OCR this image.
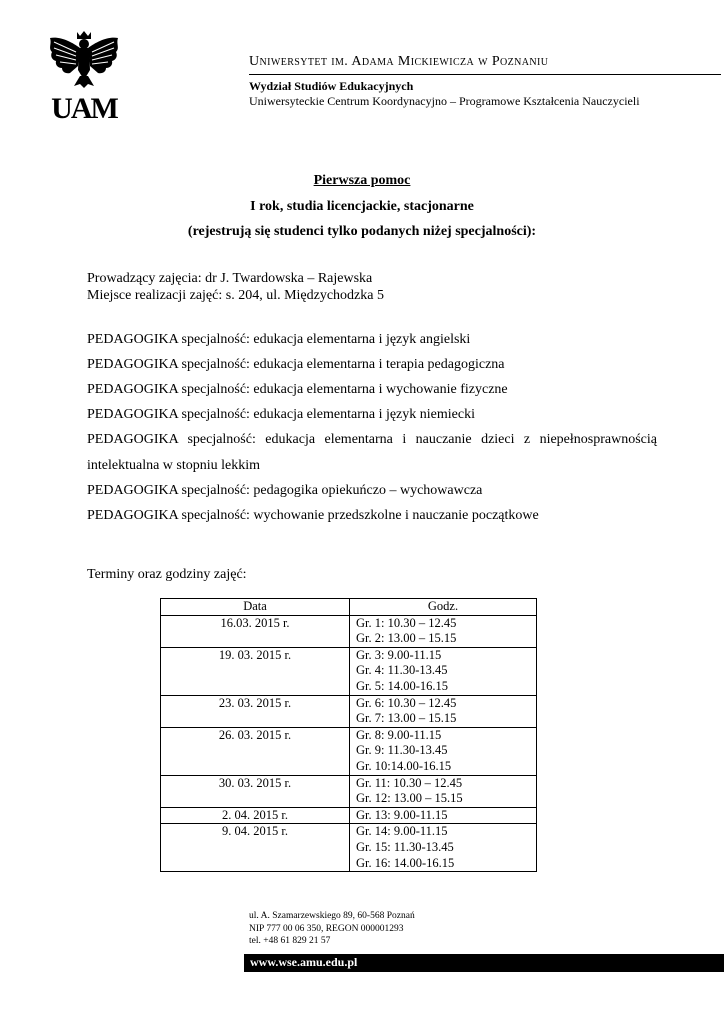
UAM
Uniwersytet im. Adama Mickiewicza w Poznaniu
Wydział Studiów Edukacyjnych
Uniwersyteckie Centrum Koordynacyjno – Programowe Kształcenia Nauczycieli
Pierwsza pomoc
I rok, studia licencjackie, stacjonarne
(rejestrują się studenci tylko podanych niżej specjalności):
Prowadzący zajęcia: dr J. Twardowska – Rajewska
Miejsce realizacji zajęć: s. 204, ul. Międzychodzka 5
PEDAGOGIKA specjalność: edukacja elementarna i język angielski
PEDAGOGIKA specjalność: edukacja elementarna i terapia pedagogiczna
PEDAGOGIKA specjalność: edukacja elementarna i wychowanie fizyczne
PEDAGOGIKA specjalność: edukacja elementarna i język niemiecki
PEDAGOGIKA specjalność: edukacja elementarna i nauczanie dzieci z niepełnosprawnością
intelektualna w stopniu lekkim
PEDAGOGIKA specjalność: pedagogika opiekuńczo – wychowawcza
PEDAGOGIKA specjalność: wychowanie przedszkolne i nauczanie początkowe
Terminy oraz godziny zajęć:
Data	Godz.
16.03. 2015 r.	Gr. 1: 10.30 – 12.45
Gr. 2: 13.00 – 15.15

19. 03. 2015 r.	Gr. 3: 9.00-11.15
Gr. 4: 11.30-13.45
Gr. 5: 14.00-16.15

23. 03. 2015 r.	Gr. 6: 10.30 – 12.45
Gr. 7: 13.00 – 15.15

26. 03. 2015 r.	Gr. 8: 9.00-11.15
Gr. 9: 11.30-13.45
Gr. 10:14.00-16.15

30. 03. 2015 r.	Gr. 11: 10.30 – 12.45
Gr. 12: 13.00 – 15.15

2. 04. 2015 r.	Gr. 13: 9.00-11.15

9. 04. 2015 r.	Gr. 14: 9.00-11.15
Gr. 15: 11.30-13.45
Gr. 16: 14.00-16.15
ul. A. Szamarzewskiego 89, 60-568 Poznań
NIP 777 00 06 350, REGON 000001293
tel. +48 61 829 21 57
www.wse.amu.edu.pl
